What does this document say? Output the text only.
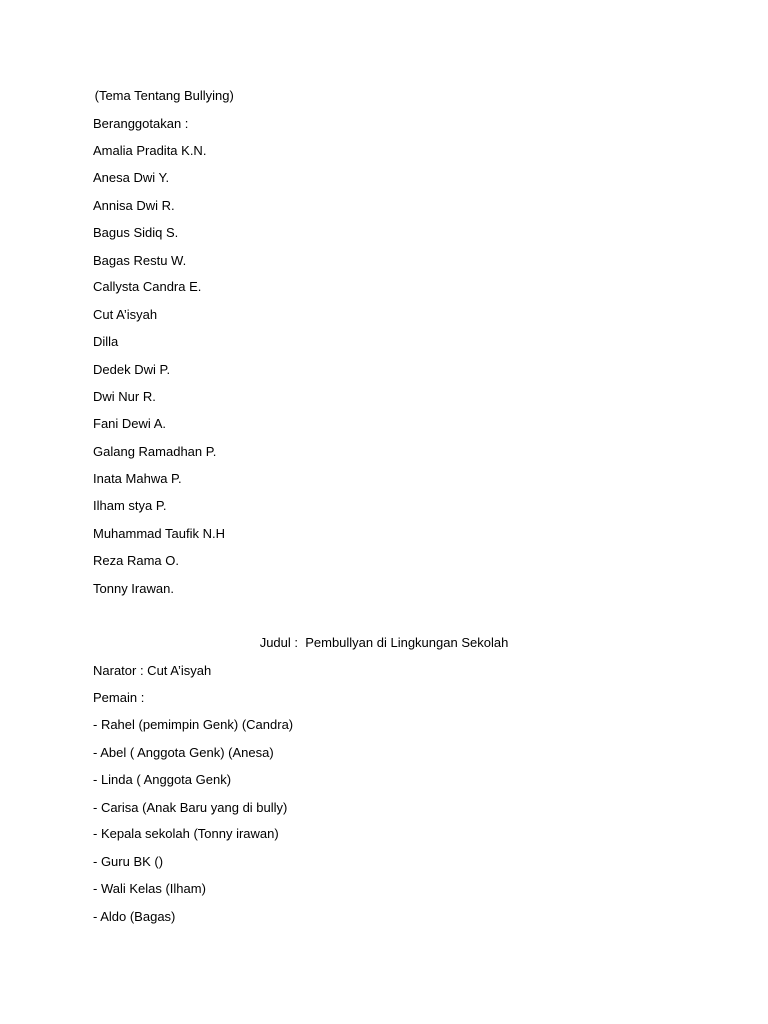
(Tema Tentang Bullying)
Beranggotakan :
Amalia Pradita K.N.
Anesa Dwi Y.
Annisa Dwi R.
Bagus Sidiq S.
Bagas Restu W.
Callysta Candra E.
Cut A’isyah
Dilla
Dedek Dwi P.
Dwi Nur R.
Fani Dewi A.
Galang Ramadhan P.
Inata Mahwa P.
Ilham stya P.
Muhammad Taufik N.H
Reza Rama O.
Tonny Irawan.
Judul :  Pembullyan di Lingkungan Sekolah
Narator : Cut A’isyah
Pemain :
- Rahel (pemimpin Genk) (Candra)
- Abel ( Anggota Genk) (Anesa)
- Linda ( Anggota Genk)
- Carisa (Anak Baru yang di bully)
- Kepala sekolah (Tonny irawan)
- Guru BK ()
- Wali Kelas (Ilham)
- Aldo (Bagas)
